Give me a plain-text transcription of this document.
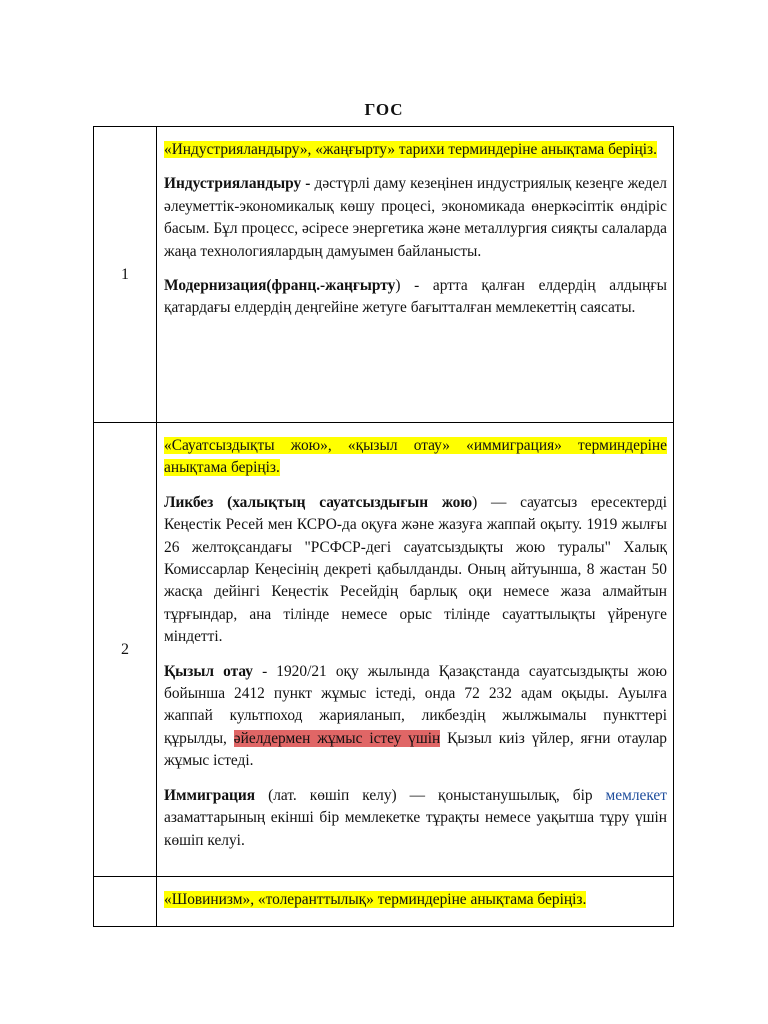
ГОС
1	«Индустрияландыру», «жаңғырту» тарихи терминдеріне анықтама беріңіз.

Индустрияландыру - дәстүрлі даму кезеңінен индустриялық кезеңге жедел әлеуметтік-экономикалық көшу процесі, экономикада өнеркәсіптік өндіріс басым. Бұл процесс, әсіресе энергетика және металлургия сияқты салаларда жаңа технологиялардың дамуымен байланысты.

Модернизация(франц.-жаңғырту) - артта қалған елдердің алдыңғы қатардағы елдердің деңгейіне жетуге бағытталған мемлекеттің саясаты.

2	«Сауатсыздықты жою», «қызыл отау» «иммиграция» терминдеріне анықтама беріңіз.

Ликбез (халықтың сауатсыздығын жою) — сауатсыз ересектерді Кеңестік Ресей мен КСРО-да оқуға және жазуға жаппай оқыту. 1919 жылғы 26 желтоқсандағы "РСФСР-дегі сауатсыздықты жою туралы" Халық Комиссарлар Кеңесінің декреті қабылданды. Оның айтуынша, 8 жастан 50 жасқа дейінгі Кеңестік Ресейдің барлық оқи немесе жаза алмайтын тұрғындар, ана тілінде немесе орыс тілінде сауаттылықты үйренуге міндетті.

Қызыл отау - 1920/21 оқу жылында Қазақстанда сауатсыздықты жою бойынша 2412 пункт жұмыс істеді, онда 72 232 адам оқыды. Ауылға жаппай культпоход жарияланып, ликбездің жылжымалы пункттері құрылды, әйелдермен жұмыс істеу үшін Қызыл киіз үйлер, яғни отаулар жұмыс істеді.

Иммиграция (лат. көшіп келу) — қоныстанушылық, бір мемлекет азаматтарының екінші бір мемлекетке тұрақты немесе уақытша тұру үшін көшіп келуі.

	«Шовинизм», «толеранттылық» терминдеріне анықтама беріңіз.
